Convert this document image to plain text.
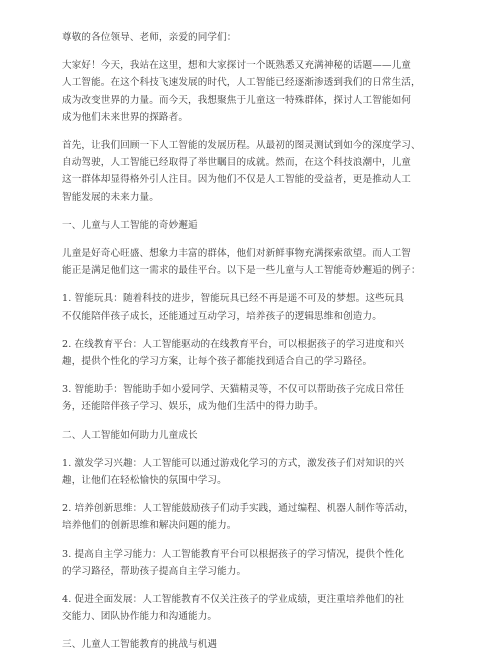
尊敬的各位领导、老师，亲爱的同学们：
大家好！今天，我站在这里，想和大家探讨一个既熟悉又充满神秘的话题——儿童
人工智能。在这个科技飞速发展的时代，人工智能已经逐渐渗透到我们的日常生活，
成为改变世界的力量。而今天，我想聚焦于儿童这一特殊群体，探讨人工智能如何
成为他们未来世界的探路者。
首先，让我们回顾一下人工智能的发展历程。从最初的图灵测试到如今的深度学习、
自动驾驶，人工智能已经取得了举世瞩目的成就。然而，在这个科技浪潮中，儿童
这一群体却显得格外引人注目。因为他们不仅是人工智能的受益者，更是推动人工
智能发展的未来力量。
一、儿童与人工智能的奇妙邂逅
儿童是好奇心旺盛、想象力丰富的群体，他们对新鲜事物充满探索欲望。而人工智
能正是满足他们这一需求的最佳平台。以下是一些儿童与人工智能奇妙邂逅的例子：
1. 智能玩具：随着科技的进步，智能玩具已经不再是遥不可及的梦想。这些玩具
不仅能陪伴孩子成长，还能通过互动学习，培养孩子的逻辑思维和创造力。
2. 在线教育平台：人工智能驱动的在线教育平台，可以根据孩子的学习进度和兴
趣，提供个性化的学习方案，让每个孩子都能找到适合自己的学习路径。
3. 智能助手：智能助手如小爱同学、天猫精灵等，不仅可以帮助孩子完成日常任
务，还能陪伴孩子学习、娱乐，成为他们生活中的得力助手。
二、人工智能如何助力儿童成长
1. 激发学习兴趣：人工智能可以通过游戏化学习的方式，激发孩子们对知识的兴
趣，让他们在轻松愉快的氛围中学习。
2. 培养创新思维：人工智能鼓励孩子们动手实践，通过编程、机器人制作等活动，
培养他们的创新思维和解决问题的能力。
3. 提高自主学习能力：人工智能教育平台可以根据孩子的学习情况，提供个性化
的学习路径，帮助孩子提高自主学习能力。
4. 促进全面发展：人工智能教育不仅关注孩子的学业成绩，更注重培养他们的社
交能力、团队协作能力和沟通能力。
三、儿童人工智能教育的挑战与机遇
